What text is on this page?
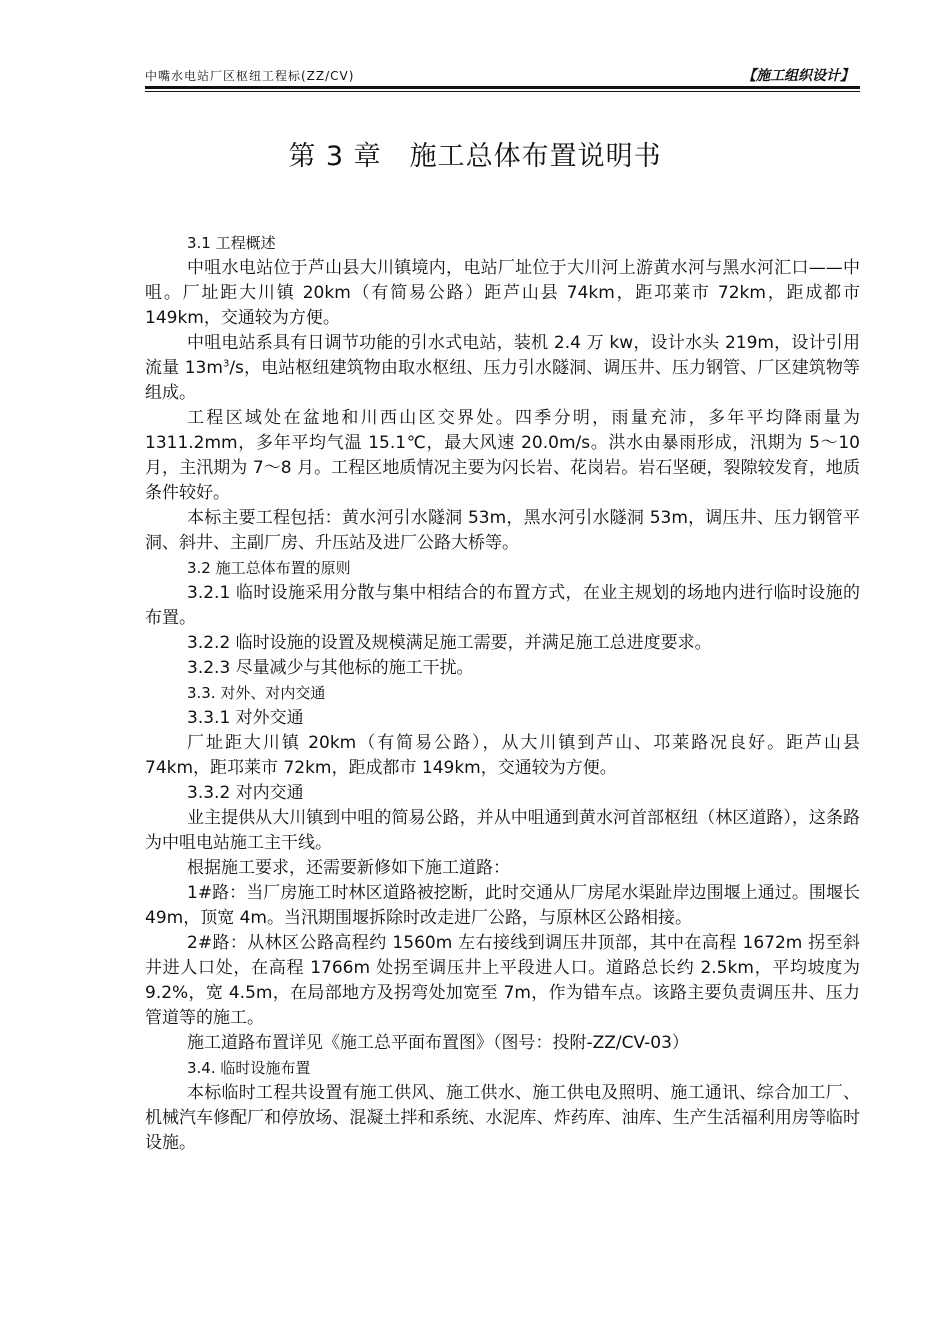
中嘴水电站厂区枢纽工程标(ZZ/CV)	【施工组织设计】
第 3 章　施工总体布置说明书

3.1 工程概述

中咀水电站位于芦山县大川镇境内，电站厂址位于大川河上游黄水河与黑水河汇口——中咀。厂址距大川镇 20km（有简易公路）距芦山县 74km，距邛莱市 72km，距成都市 149km，交通较为方便。

中咀电站系具有日调节功能的引水式电站，装机 2.4 万 kw，设计水头 219m，设计引用流量 $13m^3/s$，电站枢纽建筑物由取水枢纽、压力引水隧洞、调压井、压力钢管、厂区建筑物等组成。

工程区域处在盆地和川西山区交界处。四季分明，雨量充沛，多年平均降雨量为 1311.2mm，多年平均气温 15.1℃，最大风速 20.0m/s。洪水由暴雨形成，汛期为 5～10 月，主汛期为 7～8 月。工程区地质情况主要为闪长岩、花岗岩。岩石坚硬，裂隙较发育，地质条件较好。

本标主要工程包括：黄水河引水隧洞 53m，黑水河引水隧洞 53m，调压井、压力钢管平洞、斜井、主副厂房、升压站及进厂公路大桥等。

3.2 施工总体布置的原则

3.2.1 临时设施采用分散与集中相结合的布置方式，在业主规划的场地内进行临时设施的布置。

3.2.2 临时设施的设置及规模满足施工需要，并满足施工总进度要求。

3.2.3 尽量减少与其他标的施工干扰。

3.3. 对外、对内交通

3.3.1 对外交通

厂址距大川镇 20km（有简易公路），从大川镇到芦山、邛莱路况良好。距芦山县 74km，距邛莱市 72km，距成都市 149km，交通较为方便。

3.3.2 对内交通

业主提供从大川镇到中咀的简易公路，并从中咀通到黄水河首部枢纽（林区道路），这条路为中咀电站施工主干线。

根据施工要求，还需要新修如下施工道路：

1#路：当厂房施工时林区道路被挖断，此时交通从厂房尾水渠趾岸边围堰上通过。围堰长 49m，顶宽 4m。当汛期围堰拆除时改走进厂公路，与原林区公路相接。

2#路：从林区公路高程约 1560m 左右接线到调压井顶部，其中在高程 1672m 拐至斜井进人口处，在高程 1766m 处拐至调压井上平段进人口。道路总长约 2.5km，平均坡度为 9.2%，宽 4.5m，在局部地方及拐弯处加宽至 7m，作为错车点。该路主要负责调压井、压力管道等的施工。

施工道路布置详见《施工总平面布置图》（图号：投附-ZZ/CV-03）

3.4. 临时设施布置

本标临时工程共设置有施工供风、施工供水、施工供电及照明、施工通讯、综合加工厂、机械汽车修配厂和停放场、混凝土拌和系统、水泥库、炸药库、油库、生产生活福利用房等临时设施。
